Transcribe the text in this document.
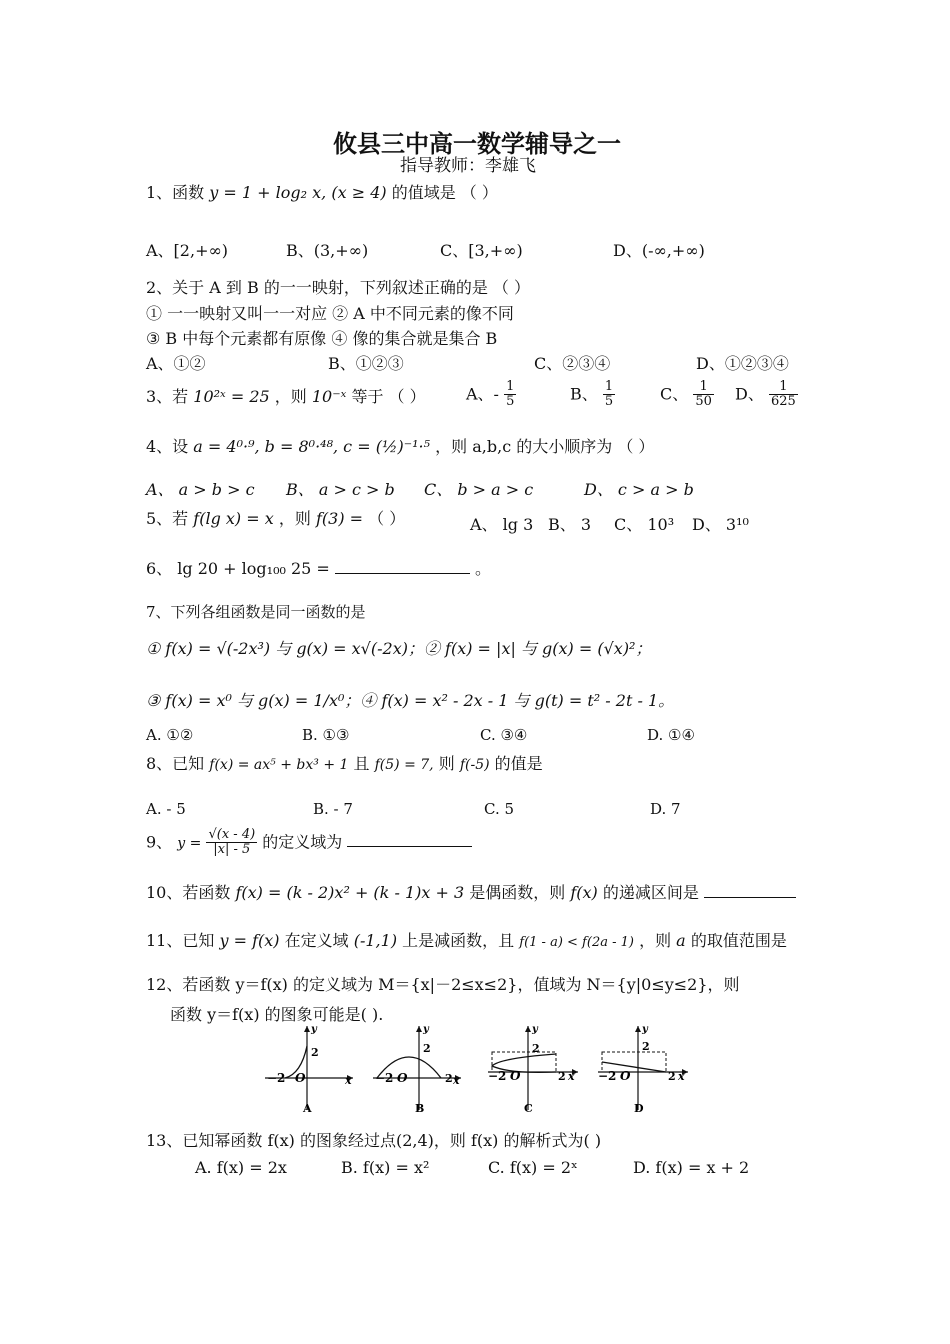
攸县三中高一数学辅导之一
指导教师：李雄飞
1、函数 y = 1 + log₂ x, (x ≥ 4) 的值域是 （ ）
A、[2,+∞)	B、(3,+∞)	C、[3,+∞)	D、(-∞,+∞)
2、关于 A 到 B 的一一映射，下列叙述正确的是 （ ）
① 一一映射又叫一一对应 ② A 中不同元素的像不同
③ B 中每个元素都有原像 ④ 像的集合就是集合 B
A、①②	B、①②③	C、②③④	D、①②③④
3、若 10²ˣ = 25 ，则 10⁻ˣ 等于 （ ）	A、- $\frac{1}{5}$	B、 $\frac{1}{5}$	C、 $\frac{1}{50}$ D、 $\frac{1}{625}$
4、设 a = 4⁰·⁹, b = 8⁰·⁴⁸, c = (½)⁻¹·⁵ ，则 a,b,c 的大小顺序为 （ ）
A、 a > b > c B、 a > c > b C、 b > a > c	D、 c > a > b
5、若 f(lg x) = x ，则 f(3) = （ ）	A、 lg 3 B、 3 C、 10³ D、 3¹⁰
6、 lg 20 + log₁₀₀ 25 =	。
7、下列各组函数是同一函数的是
① f(x) = √(-2x³) 与 g(x) = x√(-2x)；② f(x) = |x| 与 g(x) = (√x)²；
③ f(x) = x⁰ 与 g(x) = 1/x⁰；④ f(x) = x² - 2x - 1 与 g(t) = t² - 2t - 1。
A. ①②	B. ①③	C. ③④	D. ①④
8、已知 f(x) = ax⁵ + bx³ + 1 且 f(5) = 7, 则 f(-5) 的值是
A. - 5	B. - 7	C. 5	D. 7
9、 $y = \frac{√(x - 4)}{|x| - 5}$ 的定义域为
10、若函数 f(x) = (k - 2)x² + (k - 1)x + 3 是偶函数，则 f(x) 的递减区间是
11、已知 y = f(x) 在定义域 (-1,1) 上是减函数，且 f(1 - a) < f(2a - 1) ，则 a 的取值范围是
12、若函数 y＝f(x) 的定义域为 M＝{x|－2≤x≤2}，值域为 N＝{y|0≤y≤2}，则
函数 y＝f(x) 的图象可能是( ).
y
2
−2 O	x
A
y
2
−2 O	2 x
B
y
2
−2 O	2 x
C
y
2
−2 O	2 x
D
13、已知幂函数 f(x) 的图象经过点(2,4)，则 f(x) 的解析式为( )
A. f(x) = 2x	B. f(x) = x²	C. f(x) = 2ˣ	D. f(x) = x + 2
